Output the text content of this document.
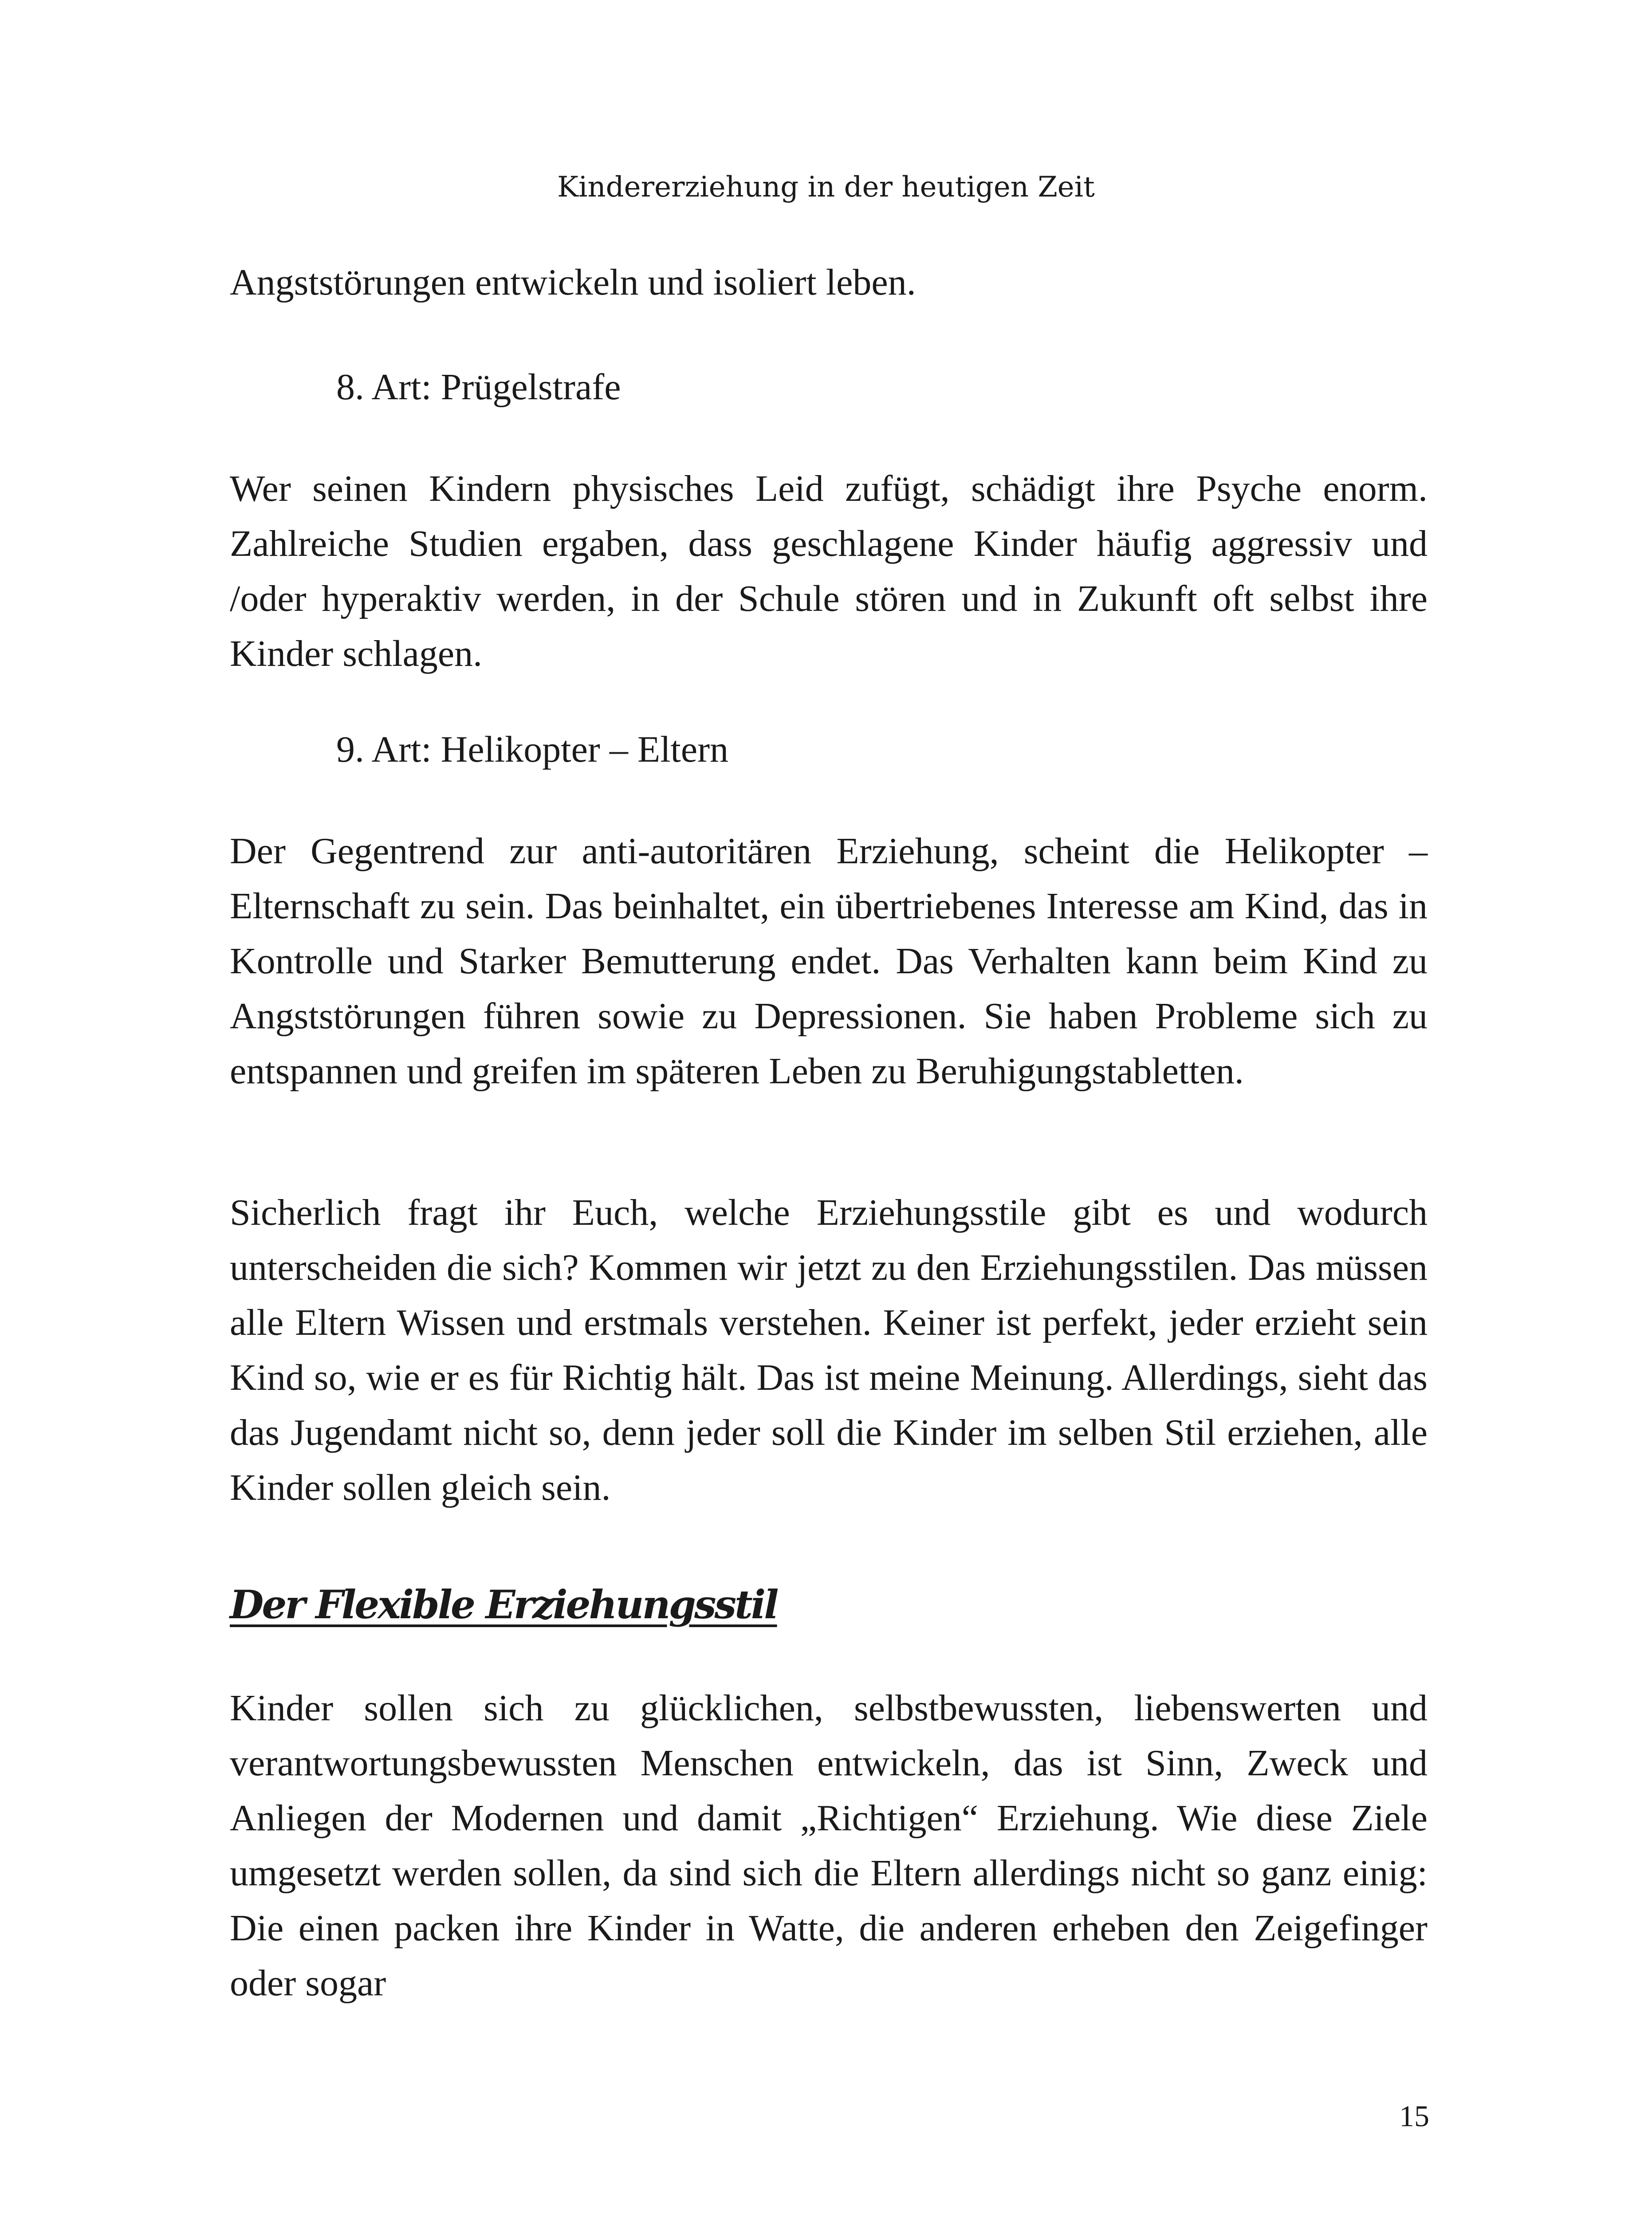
Kindererziehung in der heutigen Zeit

Angststörungen entwickeln und isoliert leben.

8. Art: Prügelstrafe

Wer seinen Kindern physisches Leid zufügt, schädigt ihre Psyche enorm. Zahlreiche Studien ergaben, dass geschlagene Kinder häufig aggressiv und /oder hyperaktiv werden, in der Schule stören und in Zukunft oft selbst ihre Kinder schlagen.

9. Art: Helikopter – Eltern

Der Gegentrend zur anti-autoritären Erziehung, scheint die Helikopter – Elternschaft zu sein. Das beinhaltet, ein übertriebenes Interesse am Kind, das in Kontrolle und Starker Bemutterung endet. Das Verhalten kann beim Kind zu Angststörungen führen sowie zu Depressionen. Sie haben Probleme sich zu entspannen und greifen im späteren Leben zu Beruhigungstabletten.

Sicherlich fragt ihr Euch, welche Erziehungsstile gibt es und wodurch unterscheiden die sich? Kommen wir jetzt zu den Erziehungsstilen. Das müssen alle Eltern Wissen und erstmals verstehen. Keiner ist perfekt, jeder erzieht sein Kind so, wie er es für Richtig hält. Das ist meine Meinung. Allerdings, sieht das das Jugendamt nicht so, denn jeder soll die Kinder im selben Stil erziehen, alle Kinder sollen gleich sein.

Der Flexible Erziehungsstil

Kinder sollen sich zu glücklichen, selbstbewussten, liebenswerten und verantwortungsbewussten Menschen entwickeln, das ist Sinn, Zweck und Anliegen der Modernen und damit „Richtigen“ Erziehung. Wie diese Ziele umgesetzt werden sollen, da sind sich die Eltern allerdings nicht so ganz einig: Die einen packen ihre Kinder in Watte, die anderen erheben den Zeigefinger oder sogar

15
